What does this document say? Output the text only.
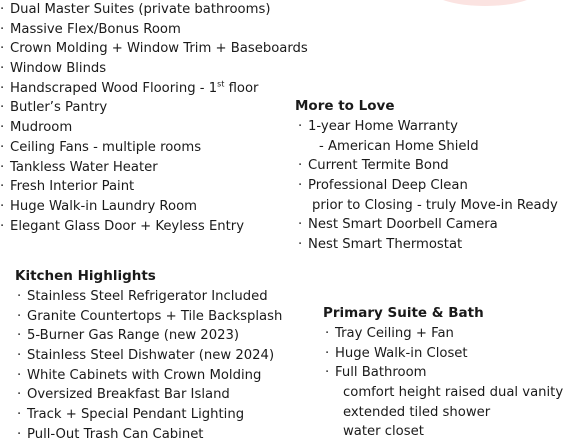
· Dual Master Suites (private bathrooms)
· Massive Flex/Bonus Room
· Crown Molding + Window Trim + Baseboards
· Window Blinds
· Handscraped Wood Flooring - 1st floor
· Butler’s Pantry
· Mudroom
· Ceiling Fans - multiple rooms
· Tankless Water Heater
· Fresh Interior Paint
· Huge Walk-in Laundry Room
· Elegant Glass Door + Keyless Entry
More to Love
· 1-year Home Warranty
- American Home Shield
· Current Termite Bond
· Professional Deep Clean
prior to Closing - truly Move-in Ready
· Nest Smart Doorbell Camera
· Nest Smart Thermostat
Kitchen Highlights
· Stainless Steel Refrigerator Included
· Granite Countertops + Tile Backsplash
· 5-Burner Gas Range (new 2023)
· Stainless Steel Dishwater (new 2024)
· White Cabinets with Crown Molding
· Oversized Breakfast Bar Island
· Track + Special Pendant Lighting
· Pull-Out Trash Can Cabinet
Primary Suite & Bath
· Tray Ceiling + Fan
· Huge Walk-in Closet
· Full Bathroom
comfort height raised dual vanity
extended tiled shower
water closet
